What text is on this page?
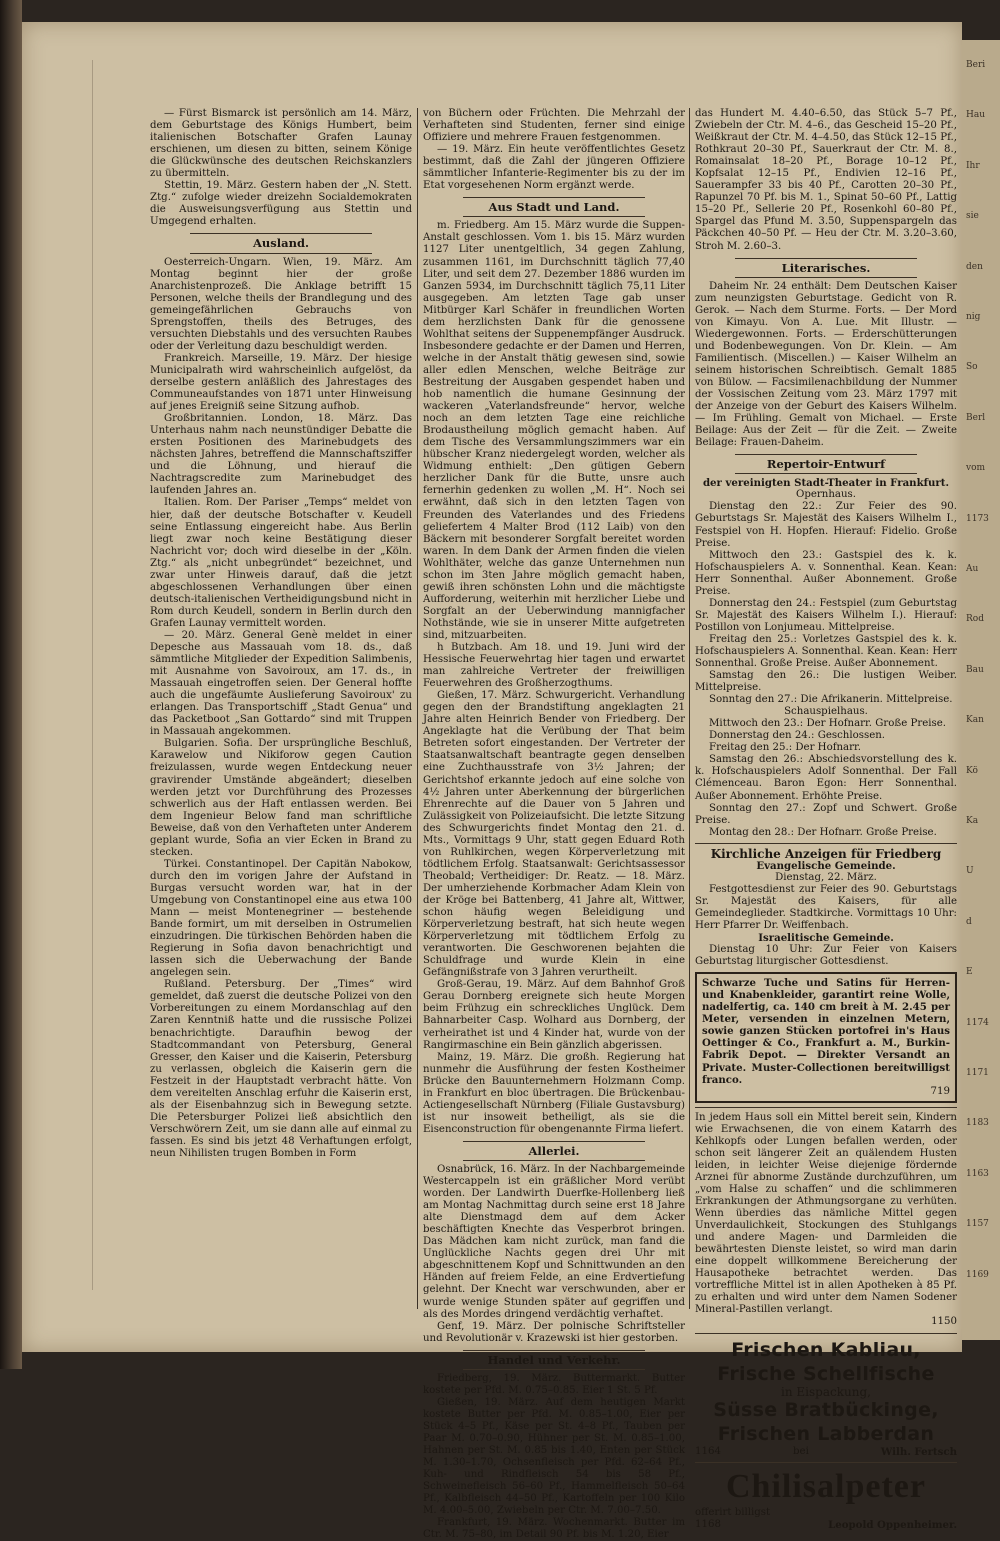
— Fürst Bismarck ist persönlich am 14. März, dem Geburtstage des Königs Humbert, beim italienischen Botschafter Grafen Launay erschienen, um diesen zu bitten, seinem Könige die Glückwünsche des deutschen Reichskanzlers zu übermitteln.

Stettin, 19. März. Gestern haben der „N. Stett. Ztg.“ zufolge wieder dreizehn Socialdemokraten die Ausweisungsverfügung aus Stettin und Umgegend erhalten.

Ausland.

Oesterreich-Ungarn. Wien, 19. März. Am Montag beginnt hier der große Anarchistenprozeß. Die Anklage betrifft 15 Personen, welche theils der Brandlegung und des gemeingefährlichen Gebrauchs von Sprengstoffen, theils des Betruges, des versuchten Diebstahls und des versuchten Raubes oder der Verleitung dazu beschuldigt werden.

Frankreich. Marseille, 19. März. Der hiesige Municipalrath wird wahrscheinlich aufgelöst, da derselbe gestern anläßlich des Jahrestages des Communeaufstandes von 1871 unter Hinweisung auf jenes Ereigniß seine Sitzung aufhob.

Großbritannien. London, 18. März. Das Unterhaus nahm nach neunstündiger Debatte die ersten Positionen des Marinebudgets des nächsten Jahres, betreffend die Mannschaftsziffer und die Löhnung, und hierauf die Nachtragscredite zum Marinebudget des laufenden Jahres an.

Italien. Rom. Der Pariser „Temps“ meldet von hier, daß der deutsche Botschafter v. Keudell seine Entlassung eingereicht habe. Aus Berlin liegt zwar noch keine Bestätigung dieser Nachricht vor; doch wird dieselbe in der „Köln. Ztg.“ als „nicht unbegründet“ bezeichnet, und zwar unter Hinweis darauf, daß die jetzt abgeschlossenen Verhandlungen über einen deutsch-italienischen Vertheidigungsbund nicht in Rom durch Keudell, sondern in Berlin durch den Grafen Launay vermittelt worden.

— 20. März. General Genè meldet in einer Depesche aus Massauah vom 18. ds., daß sämmtliche Mitglieder der Expedition Salimbenis, mit Ausnahme von Savoiroux, am 17. ds., in Massauah eingetroffen seien. Der General hoffte auch die ungefäumte Auslieferung Savoiroux' zu erlangen. Das Transportschiff „Stadt Genua“ und das Packetboot „San Gottardo“ sind mit Truppen in Massauah angekommen.

Bulgarien. Sofia. Der ursprüngliche Beschluß, Karawelow und Nikiforow gegen Caution freizulassen, wurde wegen Entdeckung neuer gravirender Umstände abgeändert; dieselben werden jetzt vor Durchführung des Prozesses schwerlich aus der Haft entlassen werden. Bei dem Ingenieur Below fand man schriftliche Beweise, daß von den Verhafteten unter Anderem geplant wurde, Sofia an vier Ecken in Brand zu stecken.

Türkei. Constantinopel. Der Capitän Nabokow, durch den im vorigen Jahre der Aufstand in Burgas versucht worden war, hat in der Umgebung von Constantinopel eine aus etwa 100 Mann — meist Montenegriner — bestehende Bande formirt, um mit derselben in Ostrumelien einzudringen. Die türkischen Behörden haben die Regierung in Sofia davon benachrichtigt und lassen sich die Ueberwachung der Bande angelegen sein.

Rußland. Petersburg. Der „Times“ wird gemeldet, daß zuerst die deutsche Polizei von den Vorbereitungen zu einem Mordanschlag auf den Zaren Kenntniß hatte und die russische Polizei benachrichtigte. Daraufhin bewog der Stadtcommandant von Petersburg, General Gresser, den Kaiser und die Kaiserin, Petersburg zu verlassen, obgleich die Kaiserin gern die Festzeit in der Hauptstadt verbracht hätte. Von dem vereitelten Anschlag erfuhr die Kaiserin erst, als der Eisenbahnzug sich in Bewegung setzte. Die Petersburger Polizei ließ absichtlich den Verschwörern Zeit, um sie dann alle auf einmal zu fassen. Es sind bis jetzt 48 Verhaftungen erfolgt, neun Nihilisten trugen Bomben in Form

von Büchern oder Früchten. Die Mehrzahl der Verhafteten sind Studenten, ferner sind einige Offiziere und mehrere Frauen festgenommen.

— 19. März. Ein heute veröffentlichtes Gesetz bestimmt, daß die Zahl der jüngeren Offiziere sämmtlicher Infanterie-Regimenter bis zu der im Etat vorgesehenen Norm ergänzt werde.

Aus Stadt und Land.

m. Friedberg. Am 15. März wurde die Suppen-Anstalt geschlossen. Vom 1. bis 15. März wurden 1127 Liter unentgeltlich, 34 gegen Zahlung, zusammen 1161, im Durchschnitt täglich 77,40 Liter, und seit dem 27. Dezember 1886 wurden im Ganzen 5934, im Durchschnitt täglich 75,11 Liter ausgegeben. Am letzten Tage gab unser Mitbürger Karl Schäfer in freundlichen Worten dem herzlichsten Dank für die genossene Wohlthat seitens der Suppenempfänger Ausdruck. Insbesondere gedachte er der Damen und Herren, welche in der Anstalt thätig gewesen sind, sowie aller edlen Menschen, welche Beiträge zur Bestreitung der Ausgaben gespendet haben und hob namentlich die humane Gesinnung der wackeren „Vaterlandsfreunde“ hervor, welche noch an dem letzten Tage eine reichliche Brodaustheilung möglich gemacht haben. Auf dem Tische des Versammlungszimmers war ein hübscher Kranz niedergelegt worden, welcher als Widmung enthielt: „Den gütigen Gebern herzlicher Dank für die Butte, unsre auch fernerhin gedenken zu wollen „M. H“. Noch sei erwähnt, daß sich in den letzten Tagen von Freunden des Vaterlandes und des Friedens geliefertem 4 Malter Brod (112 Laib) von den Bäckern mit besonderer Sorgfalt bereitet worden waren. In dem Dank der Armen finden die vielen Wohlthäter, welche das ganze Unternehmen nun schon im 3ten Jahre möglich gemacht haben, gewiß ihren schönsten Lohn und die mächtigste Aufforderung, weiterhin mit herzlicher Liebe und Sorgfalt an der Ueberwindung mannigfacher Nothstände, wie sie in unserer Mitte aufgetreten sind, mitzuarbeiten.

h Butzbach. Am 18. und 19. Juni wird der Hessische Feuerwehrtag hier tagen und erwartet man zahlreiche Vertreter der freiwilligen Feuerwehren des Großherzogthums.

Gießen, 17. März. Schwurgericht. Verhandlung gegen den der Brandstiftung angeklagten 21 Jahre alten Heinrich Bender von Friedberg. Der Angeklagte hat die Verübung der That beim Betreten sofort eingestanden. Der Vertreter der Staatsanwaltschaft beantragte gegen denselben eine Zuchthausstrafe von 3½ Jahren; der Gerichtshof erkannte jedoch auf eine solche von 4½ Jahren unter Aberkennung der bürgerlichen Ehrenrechte auf die Dauer von 5 Jahren und Zulässigkeit von Polizeiaufsicht. Die letzte Sitzung des Schwurgerichts findet Montag den 21. d. Mts., Vormittags 9 Uhr, statt gegen Eduard Roth von Ruhlkirchen, wegen Körperverletzung mit tödtlichem Erfolg. Staatsanwalt: Gerichtsassessor Theobald; Vertheidiger: Dr. Reatz. — 18. März. Der umherziehende Korbmacher Adam Klein von der Kröge bei Battenberg, 41 Jahre alt, Wittwer, schon häufig wegen Beleidigung und Körperverletzung bestraft, hat sich heute wegen Körperverletzung mit tödtlichem Erfolg zu verantworten. Die Geschworenen bejahten die Schuldfrage und wurde Klein in eine Gefängnißstrafe von 3 Jahren verurtheilt.

Groß-Gerau, 19. März. Auf dem Bahnhof Groß Gerau Dornberg ereignete sich heute Morgen beim Frühzug ein schreckliches Unglück. Dem Bahnarbeiter Casp. Wolhard aus Dornberg, der verheirathet ist und 4 Kinder hat, wurde von der Rangirmaschine ein Bein gänzlich abgerissen.

Mainz, 19. März. Die großh. Regierung hat nunmehr die Ausführung der festen Kostheimer Brücke den Bauunternehmern Holzmann Comp. in Frankfurt en bloc übertragen. Die Brückenbau-Actiengesellschaft Nürnberg (Filiale Gustavsburg) ist nur insoweit betheiligt, als sie die Eisenconstruction für obengenannte Firma liefert.

Allerlei.

Osnabrück, 16. März. In der Nachbargemeinde Westercappeln ist ein gräßlicher Mord verübt worden. Der Landwirth Duerfke-Hollenberg ließ am Montag Nachmittag durch seine erst 18 Jahre alte Dienstmagd dem auf dem Acker beschäftigten Knechte das Vesperbrot bringen. Das Mädchen kam nicht zurück, man fand die Unglückliche Nachts gegen drei Uhr mit abgeschnittenem Kopf und Schnittwunden an den Händen auf freiem Felde, an eine Erdvertiefung gelehnt. Der Knecht war verschwunden, aber er wurde wenige Stunden später auf gegriffen und als des Mordes dringend verdächtig verhaftet.

Genf, 19. März. Der polnische Schriftsteller und Revolutionär v. Krazewski ist hier gestorben.

Handel und Verkehr.

Friedberg, 19. März. Buttermarkt. Butter kostete per Pfd. M. 0.75–0.85. Eier 1 St. 5 Pf.

Gießen, 19. März. Auf dem heutigen Markt kostete Butter per Pfd. M. 0.85–1.00, Eier per Stück 4–5 Pf., Käse per St. 4–8 Pf., Tauben per Paar M. 0.70–0.90, Hühner per St. M. 0.85–1.00, Hahnen per St. M. 0.85 bis 1.40, Enten per Stück M. 1.30–1.70, Ochsenfleisch per Pfd. 62–64 Pf., Kuh- und Rindfleisch 54 bis 58 Pf., Schweinefleisch 56–60 Pf., Hammelfleisch 50–64 Pf., Kalbfleisch 44–50 Pf., Kartoffeln per 100 Kilo M. 4.00–5.00, Zwiebeln per Ctr. M. 7.00–7.50.

Frankfurt, 19. März. Wochenmarkt. Butter im Ctr. M. 75–80, im Detail 90 Pf. bis M. 1.20, Eier

das Hundert M. 4.40–6.50, das Stück 5–7 Pf., Zwiebeln der Ctr. M. 4–6., das Gescheid 15–20 Pf., Weißkraut der Ctr. M. 4–4.50, das Stück 12–15 Pf., Rothkraut 20–30 Pf., Sauerkraut der Ctr. M. 8., Romainsalat 18–20 Pf., Borage 10–12 Pf., Kopfsalat 12–15 Pf., Endivien 12–16 Pf., Sauerampfer 33 bis 40 Pf., Carotten 20–30 Pf., Rapunzel 70 Pf. bis M. 1., Spinat 50–60 Pf., Lattig 15–20 Pf., Sellerie 20 Pf., Rosenkohl 60–80 Pf., Spargel das Pfund M. 3.50, Suppenspargeln das Päckchen 40–50 Pf. — Heu der Ctr. M. 3.20–3.60, Stroh M. 2.60–3.

Literarisches.

Daheim Nr. 24 enthält: Dem Deutschen Kaiser zum neunzigsten Geburtstage. Gedicht von R. Gerok. — Nach dem Sturme. Forts. — Der Mord von Kimayu. Von A. Lue. Mit Illustr. — Wiedergewonnen. Forts. — Erderschütterungen und Bodenbewegungen. Von Dr. Klein. — Am Familientisch. (Miscellen.) — Kaiser Wilhelm an seinem historischen Schreibtisch. Gemalt 1885 von Bülow. — Facsimilenachbildung der Nummer der Vossischen Zeitung vom 23. März 1797 mit der Anzeige von der Geburt des Kaisers Wilhelm. — Im Frühling. Gemalt von Michael. — Erste Beilage: Aus der Zeit — für die Zeit. — Zweite Beilage: Frauen-Daheim.

Repertoir-Entwurf

der vereinigten Stadt-Theater in Frankfurt.

Opernhaus.

Dienstag den 22.: Zur Feier des 90. Geburtstags Sr. Majestät des Kaisers Wilhelm I., Festspiel von H. Hopfen. Hierauf: Fidelio. Große Preise.

Mittwoch den 23.: Gastspiel des k. k. Hofschauspielers A. v. Sonnenthal. Kean. Kean: Herr Sonnenthal. Außer Abonnement. Große Preise.

Donnerstag den 24.: Festspiel (zum Geburtstag Sr. Majestät des Kaisers Wilhelm I.). Hierauf: Postillon von Lonjumeau. Mittelpreise.

Freitag den 25.: Vorletzes Gastspiel des k. k. Hofschauspielers A. Sonnenthal. Kean. Kean: Herr Sonnenthal. Große Preise. Außer Abonnement.

Samstag den 26.: Die lustigen Weiber. Mittelpreise.

Sonntag den 27.: Die Afrikanerin. Mittelpreise.

Schauspielhaus.

Mittwoch den 23.: Der Hofnarr. Große Preise.

Donnerstag den 24.: Geschlossen.

Freitag den 25.: Der Hofnarr.

Samstag den 26.: Abschiedsvorstellung des k. k. Hofschauspielers Adolf Sonnenthal. Der Fall Clémenceau. Baron Egon: Herr Sonnenthal. Außer Abonnement. Erhöhte Preise.

Sonntag den 27.: Zopf und Schwert. Große Preise.

Montag den 28.: Der Hofnarr. Große Preise.

Kirchliche Anzeigen für Friedberg

Evangelische Gemeinde.

Dienstag, 22. März.

Festgottesdienst zur Feier des 90. Geburtstags Sr. Majestät des Kaisers, für alle Gemeindeglieder. Stadtkirche. Vormittags 10 Uhr: Herr Pfarrer Dr. Weiffenbach.

Israelitische Gemeinde.

Dienstag 10 Uhr: Zur Feier von Kaisers Geburtstag liturgischer Gottesdienst.

Schwarze Tuche und Satins für Herren- und Knabenkleider, garantirt reine Wolle, nadelfertig, ca. 140 cm breit à M. 2.45 per Meter, versenden in einzelnen Metern, sowie ganzen Stücken portofrei in's Haus Oettinger & Co., Frankfurt a. M., Burkin-Fabrik Depot. — Direkter Versandt an Private. Muster-Collectionen bereitwilligst franco.

719

In jedem Haus soll ein Mittel bereit sein, Kindern wie Erwachsenen, die von einem Katarrh des Kehlkopfs oder Lungen befallen werden, oder schon seit längerer Zeit an quälendem Husten leiden, in leichter Weise diejenige fördernde Arznei für abnorme Zustände durchzuführen, um „vom Halse zu schaffen“ und die schlimmeren Erkrankungen der Athmungsorgane zu verhüten. Wenn überdies das nämliche Mittel gegen Unverdaulichkeit, Stockungen des Stuhlgangs und andere Magen- und Darmleiden die bewährtesten Dienste leistet, so wird man darin eine doppelt willkommene Bereicherung der Hausapotheke betrachtet werden. Das vortreffliche Mittel ist in allen Apotheken à 85 Pf. zu erhalten und wird unter dem Namen Sodener Mineral-Pastillen verlangt.

1150
Frischen Kabliau,
Frische Schellfische
in Eispackung,
Süsse Bratbückinge,
Frischen Labberdan
1164	bei	Wilh. Fertsch
Chilisalpeter
offerirt billigst
1168	Leopold Oppenheimer.
Beri
Hau
Ihr
sie
den
nig
So
Berl
vom
1173
Au
Rod
Bau
Kan
Kö
Ka
U
d
E
1174
1171
1183
1163
1157
1169
